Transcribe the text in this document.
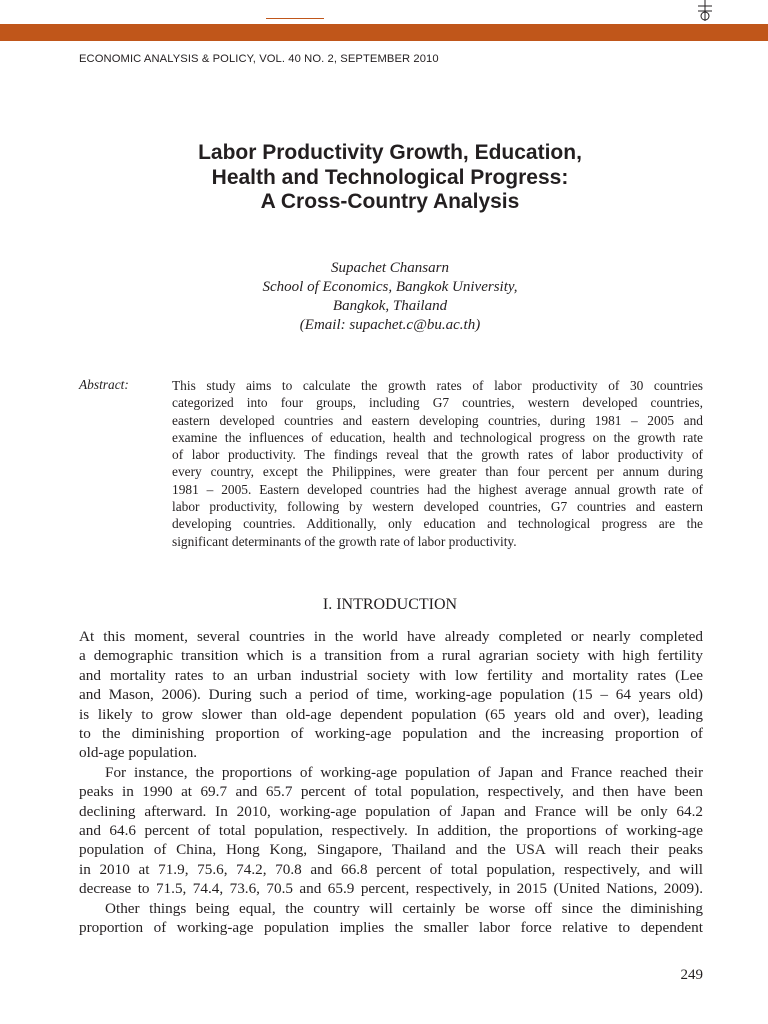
ECONOMIC ANALYSIS & POLICY, VOL. 40 NO. 2, SEPTEMBER 2010
Labor Productivity Growth, Education,
Health and Technological Progress:
A Cross-Country Analysis
Supachet Chansarn
School of Economics, Bangkok University,
Bangkok, Thailand
(Email: supachet.c@bu.ac.th)
Abstract:	This study aims to calculate the growth rates of labor productivity of 30 countries
categorized into four groups, including G7 countries, western developed countries,
eastern developed countries and eastern developing countries, during 1981 – 2005 and
examine the influences of education, health and technological progress on the growth rate
of labor productivity. The findings reveal that the growth rates of labor productivity of
every country, except the Philippines, were greater than four percent per annum during
1981 – 2005. Eastern developed countries had the highest average annual growth rate of
labor productivity, following by western developed countries, G7 countries and eastern
developing countries. Additionally, only education and technological progress are the
significant determinants of the growth rate of labor productivity.
I. INTRODUCTION
At this moment, several countries in the world have already completed or nearly completed
a demographic transition which is a transition from a rural agrarian society with high fertility
and mortality rates to an urban industrial society with low fertility and mortality rates (Lee
and Mason, 2006). During such a period of time, working-age population (15 – 64 years old)
is likely to grow slower than old-age dependent population (65 years old and over), leading
to the diminishing proportion of working-age population and the increasing proportion of
old-age population.
For instance, the proportions of working-age population of Japan and France reached their
peaks in 1990 at 69.7 and 65.7 percent of total population, respectively, and then have been
declining afterward. In 2010, working-age population of Japan and France will be only 64.2
and 64.6 percent of total population, respectively. In addition, the proportions of working-age
population of China, Hong Kong, Singapore, Thailand and the USA will reach their peaks
in 2010 at 71.9, 75.6, 74.2, 70.8 and 66.8 percent of total population, respectively, and will
decrease to 71.5, 74.4, 73.6, 70.5 and 65.9 percent, respectively, in 2015 (United Nations, 2009).
Other things being equal, the country will certainly be worse off since the diminishing
proportion of working-age population implies the smaller labor force relative to dependent
249
